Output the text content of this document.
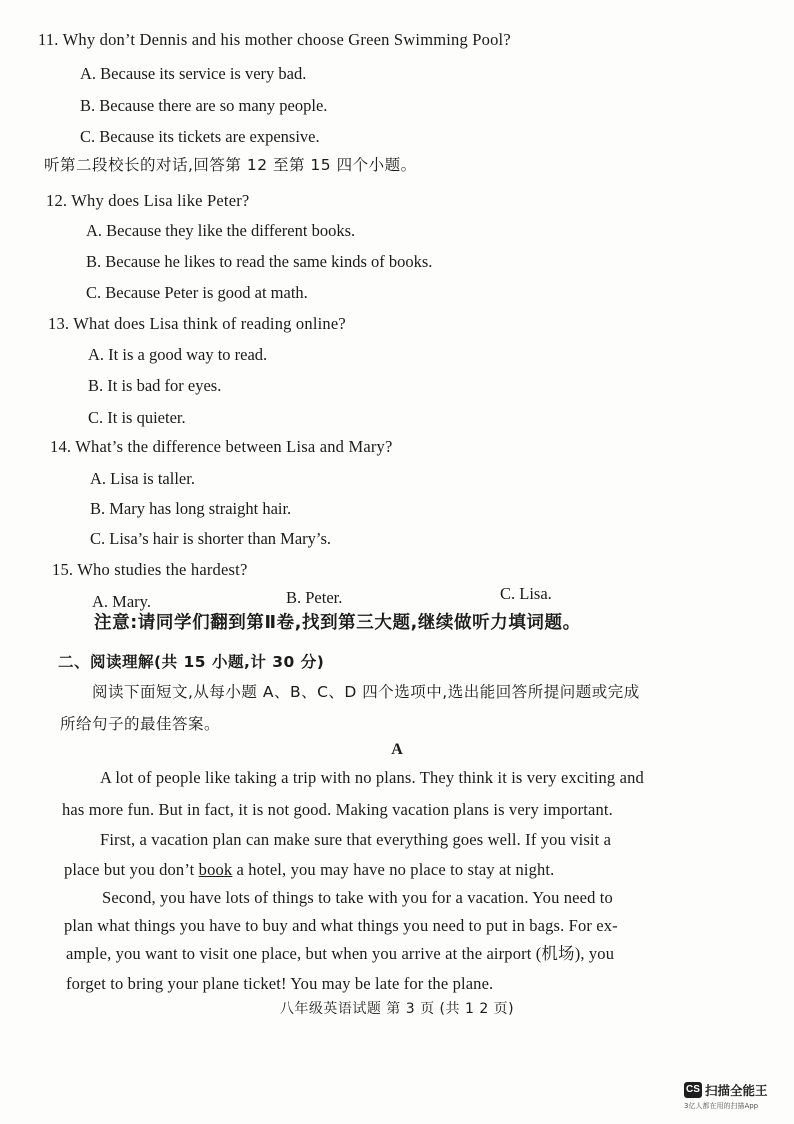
11. Why don’t Dennis and his mother choose Green Swimming Pool?
A. Because its service is very bad.
B. Because there are so many people.
C. Because its tickets are expensive.
听第二段校长的对话,回答第 12 至第 15 四个小题。
12. Why does Lisa like Peter?
A. Because they like the different books.
B. Because he likes to read the same kinds of books.
C. Because Peter is good at math.
13. What does Lisa think of reading online?
A. It is a good way to read.
B. It is bad for eyes.
C. It is quieter.
14. What’s the difference between Lisa and Mary?
A. Lisa is taller.
B. Mary has long straight hair.
C. Lisa’s hair is shorter than Mary’s.
15. Who studies the hardest?
A. Mary.	B. Peter.	C. Lisa.
注意:请同学们翻到第Ⅱ卷,找到第三大题,继续做听力填词题。
二、阅读理解(共 15 小题,计 30 分)
阅读下面短文,从每小题 A、B、C、D 四个选项中,选出能回答所提问题或完成
所给句子的最佳答案。
A
A lot of people like taking a trip with no plans. They think it is very exciting and
has more fun. But in fact, it is not good. Making vacation plans is very important.
First, a vacation plan can make sure that everything goes well. If you visit a
place but you don’t book a hotel, you may have no place to stay at night.
Second, you have lots of things to take with you for a vacation. You need to
plan what things you have to buy and what things you need to put in bags. For ex-
ample, you want to visit one place, but when you arrive at the airport (机场), you
forget to bring your plane ticket! You may be late for the plane.
八年级英语试题 第 3 页 (共 1 2 页)
CS 扫描全能王
3亿人都在用的扫描App
